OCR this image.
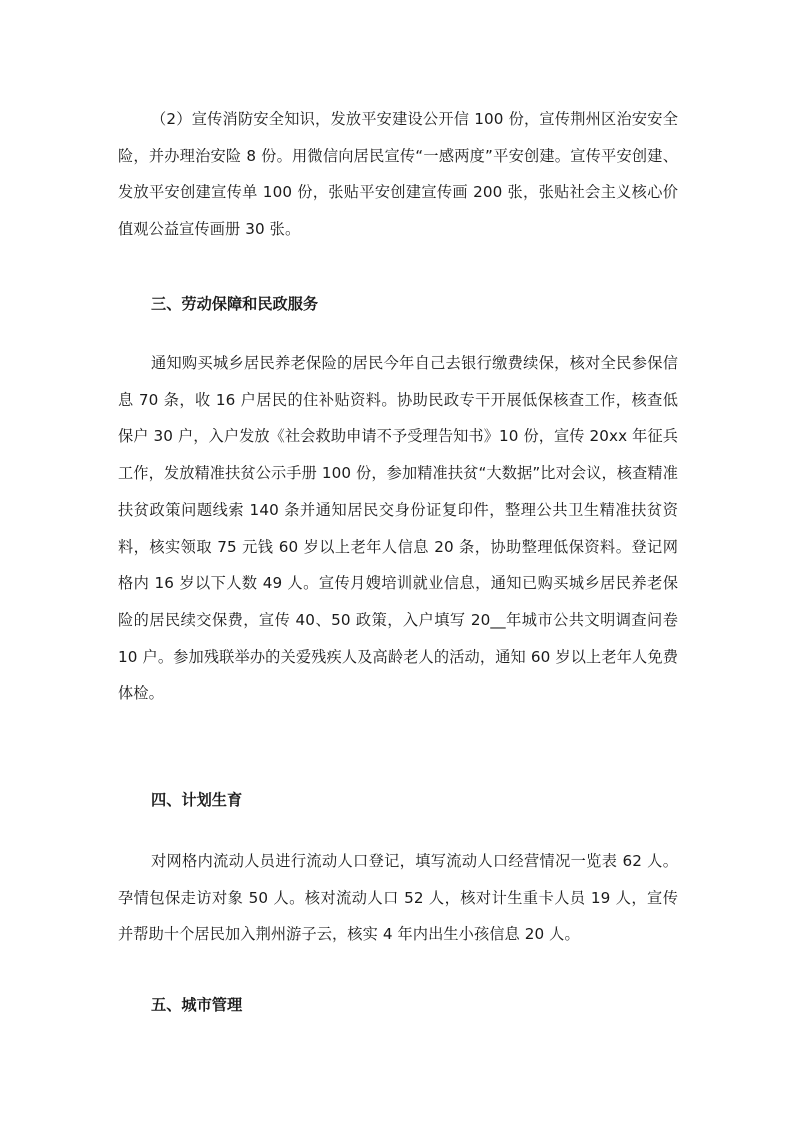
（2）宣传消防安全知识，发放平安建设公开信 100 份，宣传荆州区治安安全险，并办理治安险 8 份。用微信向居民宣传“一感两度”平安创建。宣传平安创建、发放平安创建宣传单 100 份，张贴平安创建宣传画 200 张，张贴社会主义核心价值观公益宣传画册 30 张。

三、劳动保障和民政服务

通知购买城乡居民养老保险的居民今年自己去银行缴费续保，核对全民参保信息 70 条，收 16 户居民的住补贴资料。协助民政专干开展低保核查工作，核查低保户 30 户，入户发放《社会救助申请不予受理告知书》10 份，宣传 20xx 年征兵工作，发放精准扶贫公示手册 100 份，参加精准扶贫“大数据”比对会议，核查精准扶贫政策问题线索 140 条并通知居民交身份证复印件，整理公共卫生精准扶贫资料，核实领取 75 元钱 60 岁以上老年人信息 20 条，协助整理低保资料。登记网格内 16 岁以下人数 49 人。宣传月嫂培训就业信息，通知已购买城乡居民养老保险的居民续交保费，宣传 40、50 政策，入户填写 20__年城市公共文明调查问卷 10 户。参加残联举办的关爱残疾人及高龄老人的活动，通知 60 岁以上老年人免费体检。

四、计划生育

对网格内流动人员进行流动人口登记，填写流动人口经营情况一览表 62 人。孕情包保走访对象 50 人。核对流动人口 52 人，核对计生重卡人员 19 人，宣传并帮助十个居民加入荆州游子云，核实 4 年内出生小孩信息 20 人。

五、城市管理
